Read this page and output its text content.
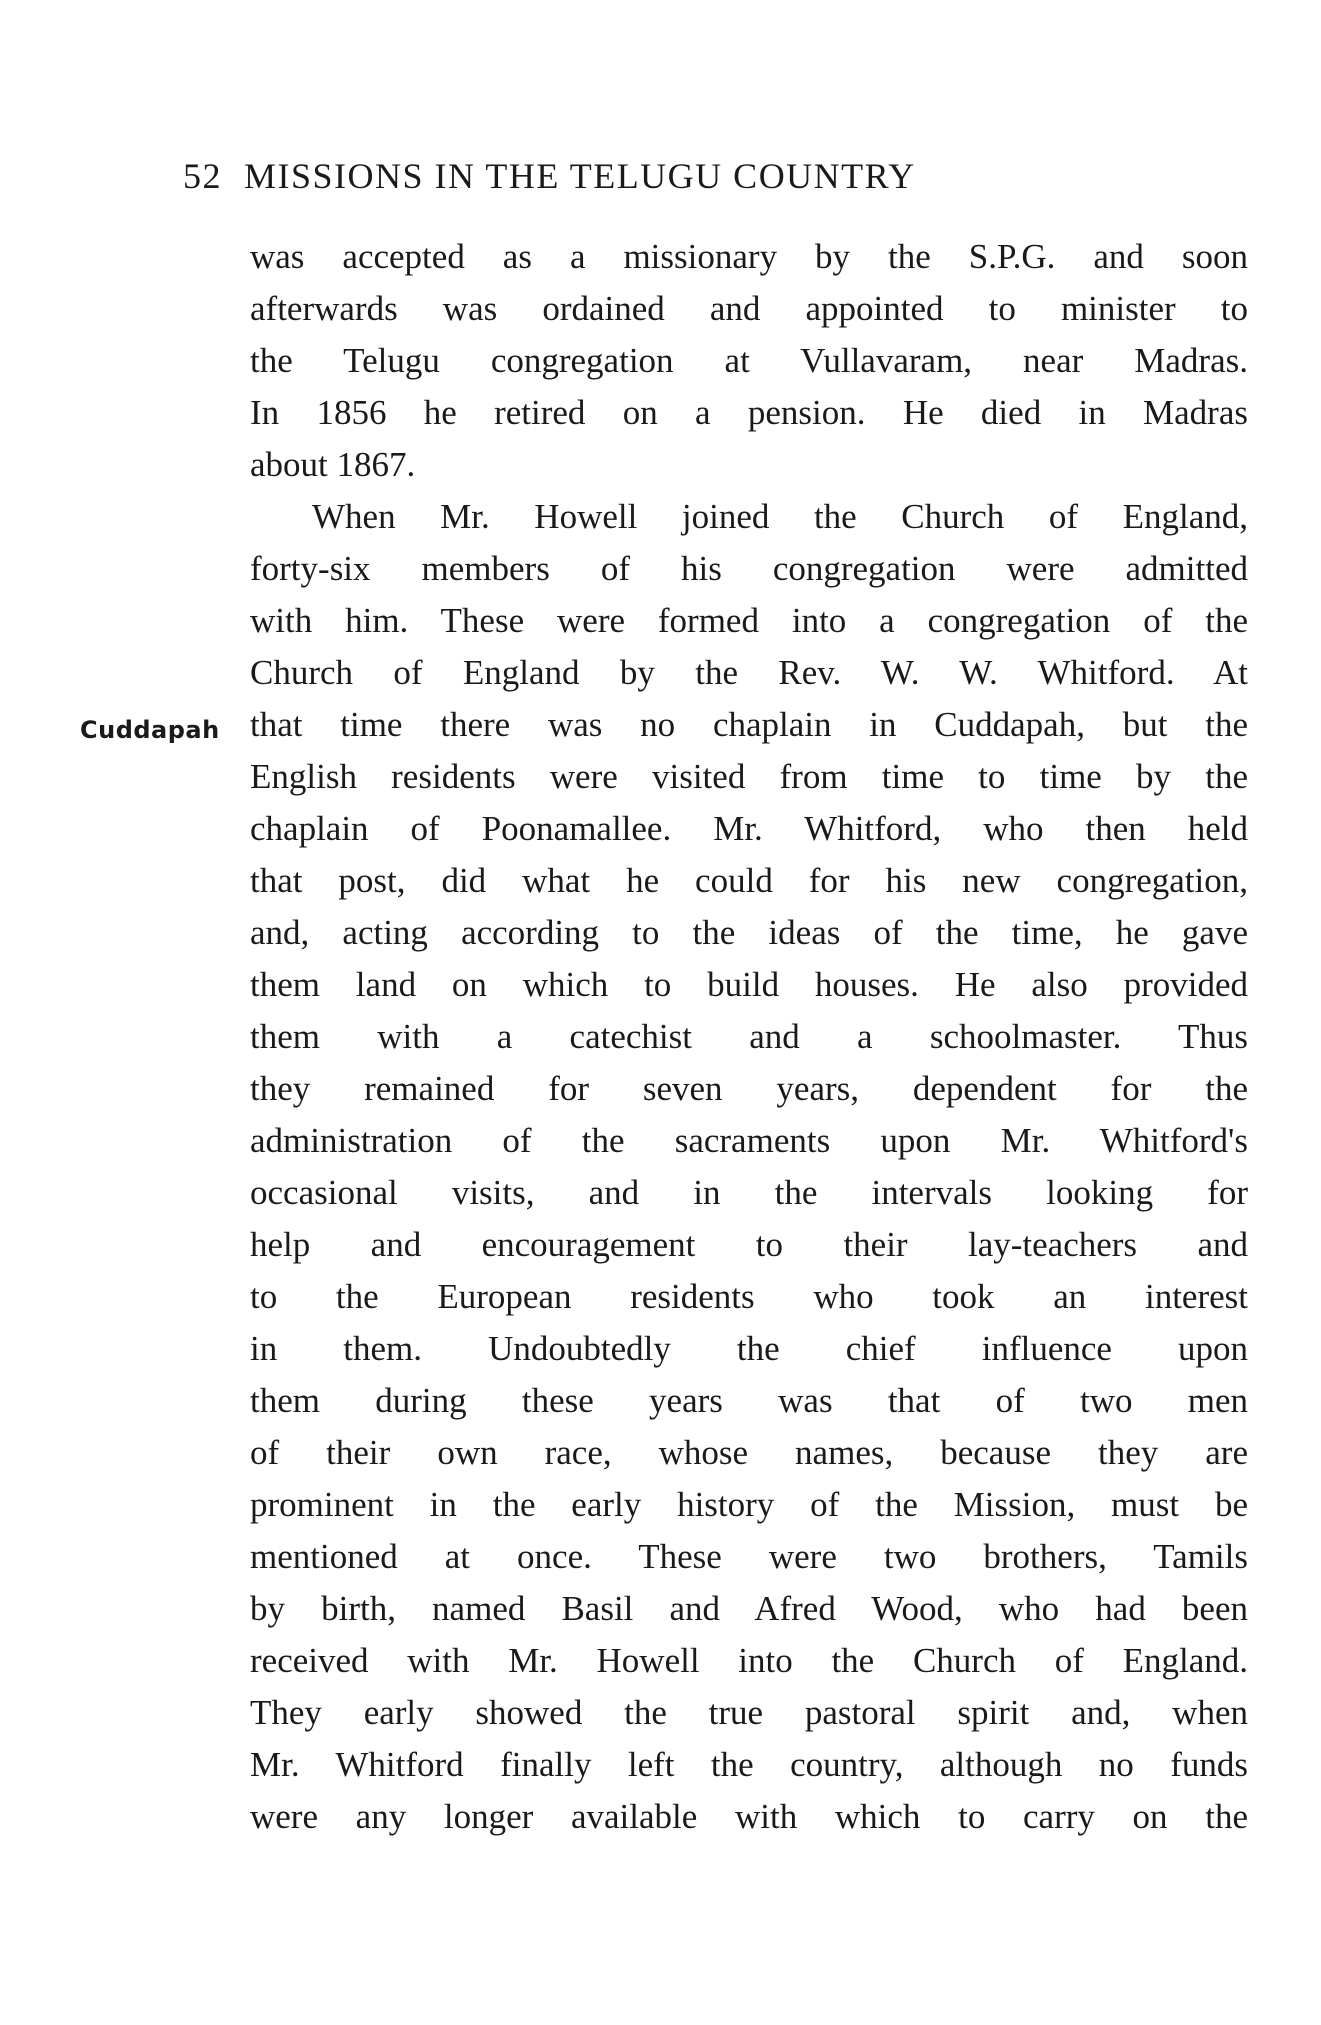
52 MISSIONS IN THE TELUGU COUNTRY
Cuddapah
was accepted as a missionary by the S.P.G. and soon
afterwards was ordained and appointed to minister to
the Telugu congregation at Vullavaram, near Madras.
In 1856 he retired on a pension. He died in Madras
about 1867.
When Mr. Howell joined the Church of England,
forty-six members of his congregation were admitted
with him. These were formed into a congregation of the
Church of England by the Rev. W. W. Whitford. At
that time there was no chaplain in Cuddapah, but the
English residents were visited from time to time by the
chaplain of Poonamallee. Mr. Whitford, who then held
that post, did what he could for his new congregation,
and, acting according to the ideas of the time, he gave
them land on which to build houses. He also provided
them with a catechist and a schoolmaster. Thus
they remained for seven years, dependent for the
administration of the sacraments upon Mr. Whitford's
occasional visits, and in the intervals looking for
help and encouragement to their lay-teachers and
to the European residents who took an interest
in them. Undoubtedly the chief influence upon
them during these years was that of two men
of their own race, whose names, because they are
prominent in the early history of the Mission, must be
mentioned at once. These were two brothers, Tamils
by birth, named Basil and Afred Wood, who had been
received with Mr. Howell into the Church of England.
They early showed the true pastoral spirit and, when
Mr. Whitford finally left the country, although no funds
were any longer available with which to carry on the
